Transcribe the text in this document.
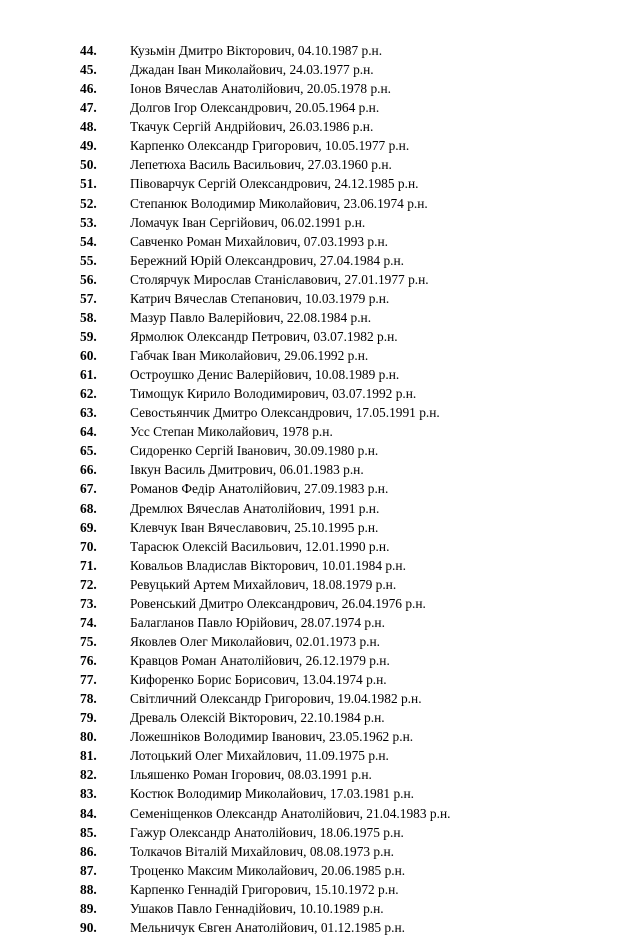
44. Кузьмін Дмитро Вікторович, 04.10.1987 р.н.
45. Джадан Іван Миколайович, 24.03.1977 р.н.
46. Іонов Вячеслав Анатолійович, 20.05.1978 р.н.
47. Долгов Ігор Олександрович, 20.05.1964 р.н.
48. Ткачук Сергій Андрійович, 26.03.1986 р.н.
49. Карпенко Олександр Григорович, 10.05.1977 р.н.
50. Лепетюха Василь Васильович, 27.03.1960 р.н.
51. Пiвоварчук Сергій Олександрович, 24.12.1985 р.н.
52. Степанюк Володимир Миколайович, 23.06.1974 р.н.
53. Ломачук Іван Сергійович, 06.02.1991 р.н.
54. Савченко Роман Михайлович, 07.03.1993 р.н.
55. Бережний Юрій Олександрович, 27.04.1984 р.н.
56. Столярчук Мирослав Станіславович, 27.01.1977 р.н.
57. Катрич Вячеслав Степанович, 10.03.1979 р.н.
58. Мазур Павло Валерійович, 22.08.1984 р.н.
59. Ярмолюк Олександр Петрович, 03.07.1982 р.н.
60. Габчак Іван Миколайович, 29.06.1992 р.н.
61. Остроушко Денис Валерійович, 10.08.1989 р.н.
62. Тимощук Кирило Володимирович, 03.07.1992 р.н.
63. Севостьянчик Дмитро Олександрович, 17.05.1991 р.н.
64. Усс Степан Миколайович, 1978 р.н.
65. Сидоренко Сергій Іванович, 30.09.1980 р.н.
66. Івкун Василь Дмитрович, 06.01.1983 р.н.
67. Романов Федір Анатолійович, 27.09.1983 р.н.
68. Дремлюх Вячеслав Анатолійович, 1991 р.н.
69. Клевчук Іван Вячеславович, 25.10.1995 р.н.
70. Тарасюк Олексій Васильович, 12.01.1990 р.н.
71. Ковальов Владислав Вікторович, 10.01.1984 р.н.
72. Ревуцький Артем Михайлович, 18.08.1979 р.н.
73. Ровенський Дмитро Олександрович, 26.04.1976 р.н.
74. Балагланов Павло Юрійович, 28.07.1974 р.н.
75. Яковлев Олег Миколайович, 02.01.1973 р.н.
76. Кравцов Роман Анатолійович, 26.12.1979 р.н.
77. Кифоренко Борис Борисович, 13.04.1974 р.н.
78. Світличний Олександр Григорович, 19.04.1982 р.н.
79. Древаль Олексій Вікторович, 22.10.1984 р.н.
80. Ложешніков Володимир Іванович, 23.05.1962 р.н.
81. Лотоцький Олег Михайлович, 11.09.1975 р.н.
82. Ільяшенко Роман Ігорович, 08.03.1991 р.н.
83. Костюк Володимир Миколайович, 17.03.1981 р.н.
84. Семеніщенков Олександр Анатолійович, 21.04.1983 р.н.
85. Гажур Олександр Анатолійович, 18.06.1975 р.н.
86. Толкачов Віталій Михайлович, 08.08.1973 р.н.
87. Троценко Максим Миколайович, 20.06.1985 р.н.
88. Карпенко Геннадій Григорович, 15.10.1972 р.н.
89. Ушаков Павло Геннадійович, 10.10.1989 р.н.
90. Мельничук Євген Анатолійович, 01.12.1985 р.н.
